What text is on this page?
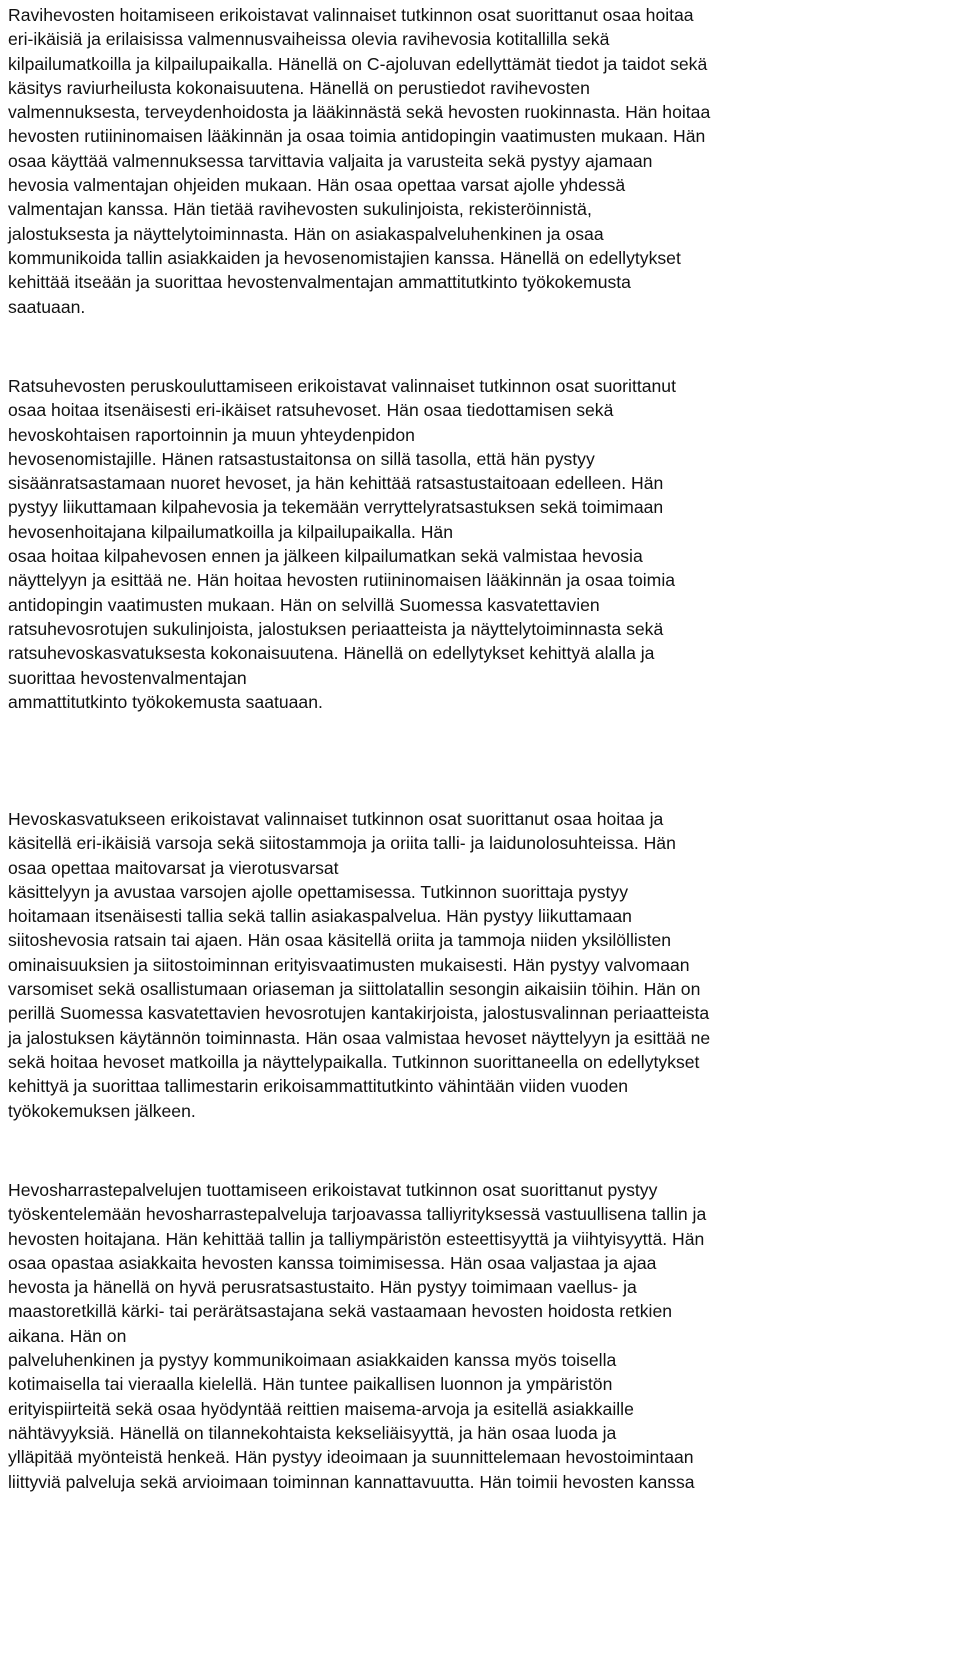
Ravihevosten hoitamiseen erikoistavat valinnaiset tutkinnon osat suorittanut osaa hoitaa
eri-ikäisiä ja erilaisissa valmennusvaiheissa olevia ravihevosia kotitallilla sekä
kilpailumatkoilla ja kilpailupaikalla. Hänellä on C-ajoluvan edellyttämät tiedot ja taidot sekä
käsitys raviurheilusta kokonaisuutena. Hänellä on perustiedot ravihevosten
valmennuksesta, terveydenhoidosta ja lääkinnästä sekä hevosten ruokinnasta. Hän hoitaa
hevosten rutiininomaisen lääkinnän ja osaa toimia antidopingin vaatimusten mukaan. Hän
osaa käyttää valmennuksessa tarvittavia valjaita ja varusteita sekä pystyy ajamaan
hevosia valmentajan ohjeiden mukaan. Hän osaa opettaa varsat ajolle yhdessä
valmentajan kanssa. Hän tietää ravihevosten sukulinjoista, rekisteröinnistä,
jalostuksesta ja näyttelytoiminnasta. Hän on asiakaspalveluhenkinen ja osaa
kommunikoida tallin asiakkaiden ja hevosenomistajien kanssa. Hänellä on edellytykset
kehittää itseään ja suorittaa hevostenvalmentajan ammattitutkinto työkokemusta
saatuaan.

Ratsuhevosten peruskouluttamiseen erikoistavat valinnaiset tutkinnon osat suorittanut
osaa hoitaa itsenäisesti eri-ikäiset ratsuhevoset. Hän osaa tiedottamisen sekä
hevoskohtaisen raportoinnin ja muun yhteydenpidon
hevosenomistajille. Hänen ratsastustaitonsa on sillä tasolla, että hän pystyy
sisäänratsastamaan nuoret hevoset, ja hän kehittää ratsastustaitoaan edelleen. Hän
pystyy liikuttamaan kilpahevosia ja tekemään verryttelyratsastuksen sekä toimimaan
hevosenhoitajana kilpailumatkoilla ja kilpailupaikalla. Hän
osaa hoitaa kilpahevosen ennen ja jälkeen kilpailumatkan sekä valmistaa hevosia
näyttelyyn ja esittää ne. Hän hoitaa hevosten rutiininomaisen lääkinnän ja osaa toimia
antidopingin vaatimusten mukaan. Hän on selvillä Suomessa kasvatettavien
ratsuhevosrotujen sukulinjoista, jalostuksen periaatteista ja näyttelytoiminnasta sekä
ratsuhevoskasvatuksesta kokonaisuutena. Hänellä on edellytykset kehittyä alalla ja
suorittaa hevostenvalmentajan
ammattitutkinto työkokemusta saatuaan.

Hevoskasvatukseen erikoistavat valinnaiset tutkinnon osat suorittanut osaa hoitaa ja
käsitellä eri-ikäisiä varsoja sekä siitostammoja ja oriita talli- ja laidunolosuhteissa. Hän
osaa opettaa maitovarsat ja vierotusvarsat
käsittelyyn ja avustaa varsojen ajolle opettamisessa. Tutkinnon suorittaja pystyy
hoitamaan itsenäisesti tallia sekä tallin asiakaspalvelua. Hän pystyy liikuttamaan
siitoshevosia ratsain tai ajaen. Hän osaa käsitellä oriita ja tammoja niiden yksilöllisten
ominaisuuksien ja siitostoiminnan erityisvaatimusten mukaisesti. Hän pystyy valvomaan
varsomiset sekä osallistumaan oriaseman ja siittolatallin sesongin aikaisiin töihin. Hän on
perillä Suomessa kasvatettavien hevosrotujen kantakirjoista, jalostusvalinnan periaatteista
ja jalostuksen käytännön toiminnasta. Hän osaa valmistaa hevoset näyttelyyn ja esittää ne
sekä hoitaa hevoset matkoilla ja näyttelypaikalla. Tutkinnon suorittaneella on edellytykset
kehittyä ja suorittaa tallimestarin erikoisammattitutkinto vähintään viiden vuoden
työkokemuksen jälkeen.

Hevosharrastepalvelujen tuottamiseen erikoistavat tutkinnon osat suorittanut pystyy
työskentelemään hevosharrastepalveluja tarjoavassa talliyrityksessä vastuullisena tallin ja
hevosten hoitajana. Hän kehittää tallin ja talliympäristön esteettisyyttä ja viihtyisyyttä. Hän
osaa opastaa asiakkaita hevosten kanssa toimimisessa. Hän osaa valjastaa ja ajaa
hevosta ja hänellä on hyvä perusratsastustaito. Hän pystyy toimimaan vaellus- ja
maastoretkillä kärki- tai perärätsastajana sekä vastaamaan hevosten hoidosta retkien
aikana. Hän on
palveluhenkinen ja pystyy kommunikoimaan asiakkaiden kanssa myös toisella
kotimaisella tai vieraalla kielellä. Hän tuntee paikallisen luonnon ja ympäristön
erityispiirteitä sekä osaa hyödyntää reittien maisema-arvoja ja esitellä asiakkaille
nähtävyyksiä. Hänellä on tilannekohtaista kekseliäisyyttä, ja hän osaa luoda ja
ylläpitää myönteistä henkeä. Hän pystyy ideoimaan ja suunnittelemaan hevostoimintaan
liittyviä palveluja sekä arvioimaan toiminnan kannattavuutta. Hän toimii hevosten kanssa
